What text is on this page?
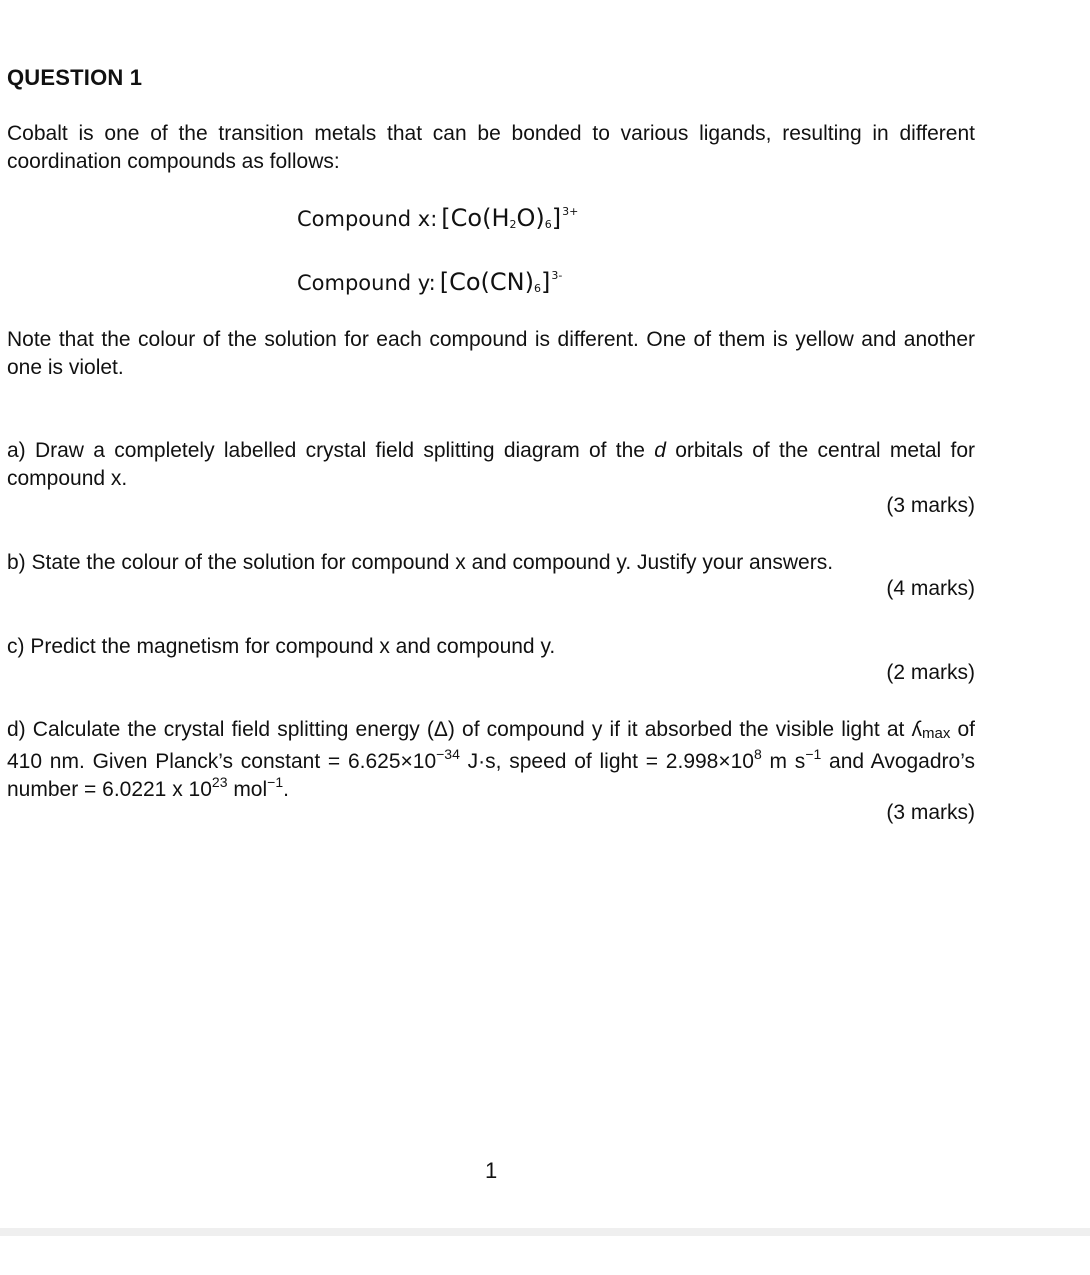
QUESTION 1
Cobalt is one of the transition metals that can be bonded to various ligands, resulting in different coordination compounds as follows:
Compound x: $[Co(H_2O)_6]^{3+}$
Compound y: $[Co(CN)_6]^{3-}$
Note that the colour of the solution for each compound is different. One of them is yellow and another one is violet.
a) Draw a completely labelled crystal field splitting diagram of the d orbitals of the central metal for compound x.
(3 marks)
b) State the colour of the solution for compound x and compound y. Justify your answers.
(4 marks)
c) Predict the magnetism for compound x and compound y.
(2 marks)
d) Calculate the crystal field splitting energy (Δ) of compound y if it absorbed the visible light at ʎmax of 410 nm. Given Planck’s constant = $6.625\times 10^{-34}$ J·s, speed of light = $2.998\times 10^8$ m $s^{-1}$ and Avogadro’s number = 6.0221 x $10^{23}$ mol$^{-1}$.
(3 marks)
1
